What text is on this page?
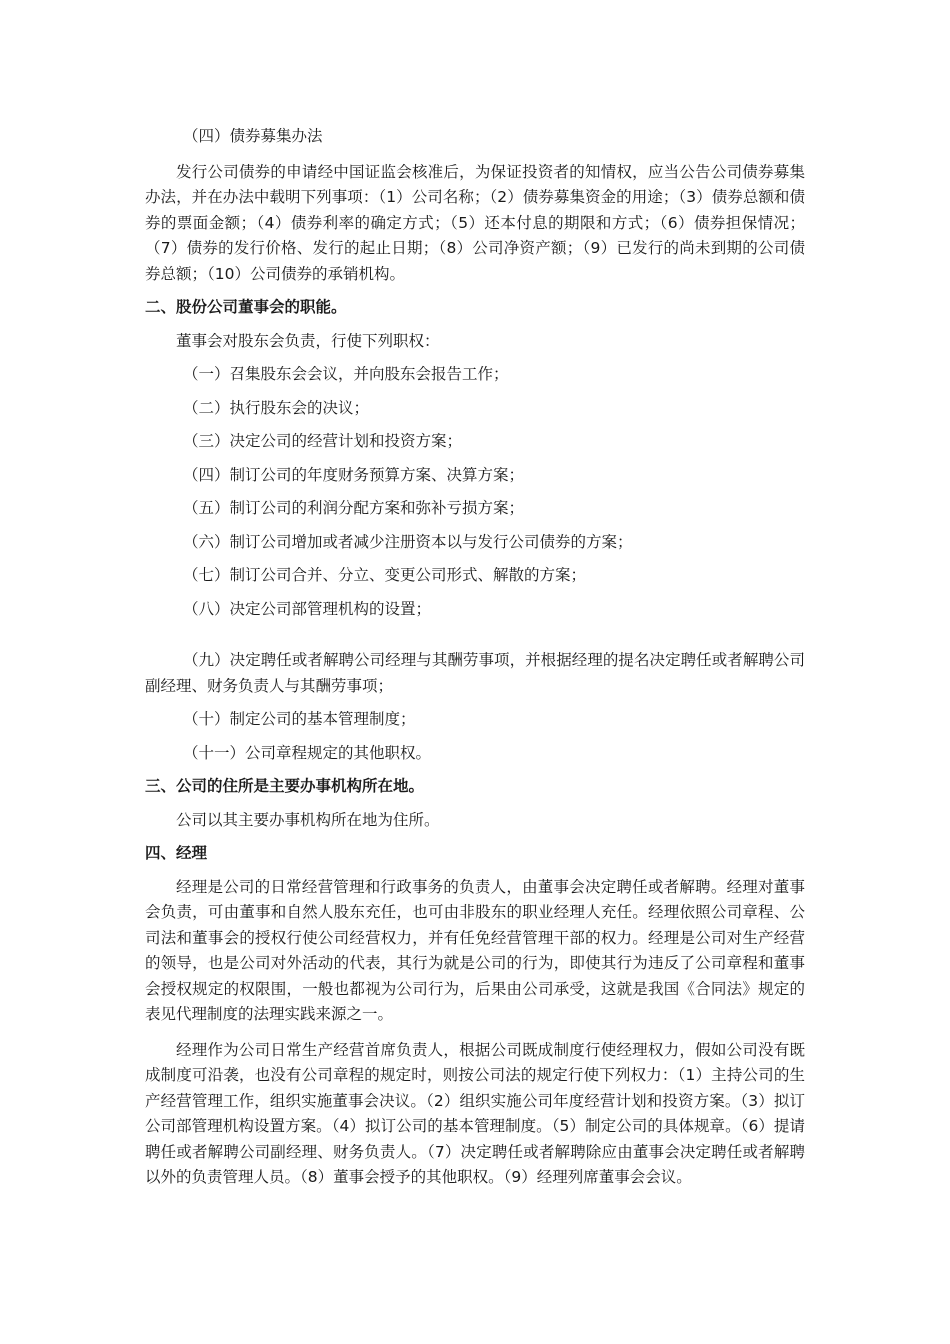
（四）债券募集办法

发行公司债券的申请经中国证监会核准后，为保证投资者的知情权，应当公告公司债券募集办法，并在办法中载明下列事项：（1）公司名称；（2）债券募集资金的用途；（3）债券总额和债券的票面金额；（4）债券利率的确定方式；（5）还本付息的期限和方式；（6）债券担保情况；（7）债券的发行价格、发行的起止日期；（8）公司净资产额；（9）已发行的尚未到期的公司债券总额；（10）公司债券的承销机构。

二、股份公司董事会的职能。

董事会对股东会负责，行使下列职权：

（一）召集股东会会议，并向股东会报告工作；

（二）执行股东会的决议；

（三）决定公司的经营计划和投资方案；

（四）制订公司的年度财务预算方案、决算方案；

（五）制订公司的利润分配方案和弥补亏损方案；

（六）制订公司增加或者减少注册资本以与发行公司债券的方案；

（七）制订公司合并、分立、变更公司形式、解散的方案；

（八）决定公司部管理机构的设置；

（九）决定聘任或者解聘公司经理与其酬劳事项，并根据经理的提名决定聘任或者解聘公司副经理、财务负责人与其酬劳事项；

（十）制定公司的基本管理制度；

（十一）公司章程规定的其他职权。

三、公司的住所是主要办事机构所在地。

公司以其主要办事机构所在地为住所。

四、经理

经理是公司的日常经营管理和行政事务的负责人，由董事会决定聘任或者解聘。经理对董事会负责，可由董事和自然人股东充任，也可由非股东的职业经理人充任。经理依照公司章程、公司法和董事会的授权行使公司经营权力，并有任免经营管理干部的权力。经理是公司对生产经营的领导，也是公司对外活动的代表，其行为就是公司的行为，即使其行为违反了公司章程和董事会授权规定的权限围，一般也都视为公司行为，后果由公司承受，这就是我国《合同法》规定的表见代理制度的法理实践来源之一。

经理作为公司日常生产经营首席负责人，根据公司既成制度行使经理权力，假如公司没有既成制度可沿袭，也没有公司章程的规定时，则按公司法的规定行使下列权力：（1）主持公司的生产经营管理工作，组织实施董事会决议。（2）组织实施公司年度经营计划和投资方案。（3）拟订公司部管理机构设置方案。（4）拟订公司的基本管理制度。（5）制定公司的具体规章。（6）提请聘任或者解聘公司副经理、财务负责人。（7）决定聘任或者解聘除应由董事会决定聘任或者解聘以外的负责管理人员。（8）董事会授予的其他职权。（9）经理列席董事会会议。
